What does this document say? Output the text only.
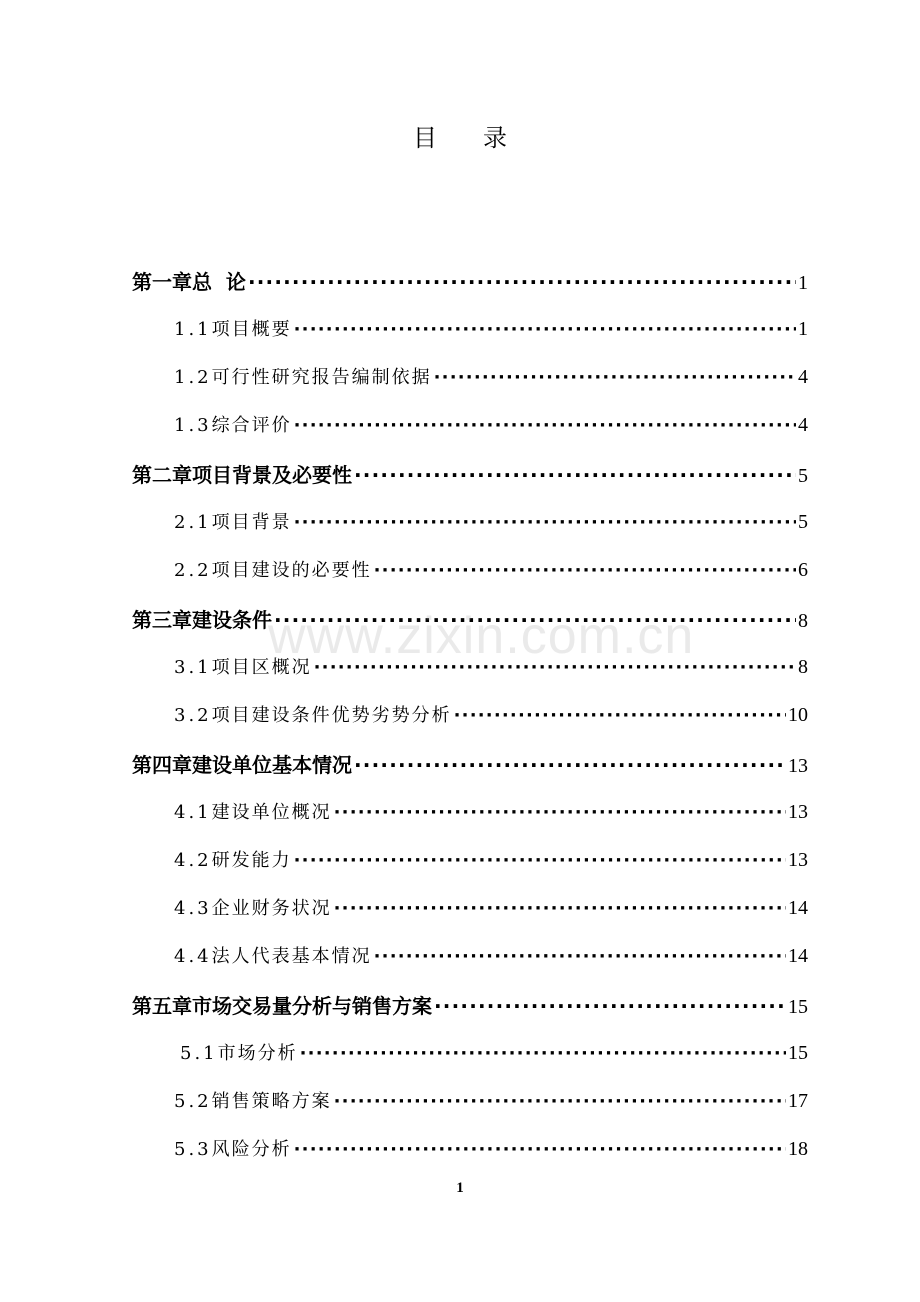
目 录
第一章 总  论 ·····	1
1.1 项目概要 ·····	1
1.2 可行性研究报告编制依据 ·····	4
1.3 综合评价 ·····	4
第二章 项目背景及必要性 ·····	5
2.1 项目背景 ·····	5
2.2 项目建设的必要性 ·····	6
第三章 建设条件 ·····	8
3.1 项目区概况 ·····	8
3.2 项目建设条件优势劣势分析 ·····	10
第四章 建设单位基本情况 ·····	13
4.1 建设单位概况 ·····	13
4.2 研发能力 ·····	13
4.3 企业财务状况 ·····	14
4.4 法人代表基本情况 ·····	14
第五章 市场交易量分析与销售方案 ·····	15
5.1 市场分析 ·····	15
5.2 销售策略方案 ·····	17
5.3 风险分析 ·····	18
www.zixin.com.cn
1
